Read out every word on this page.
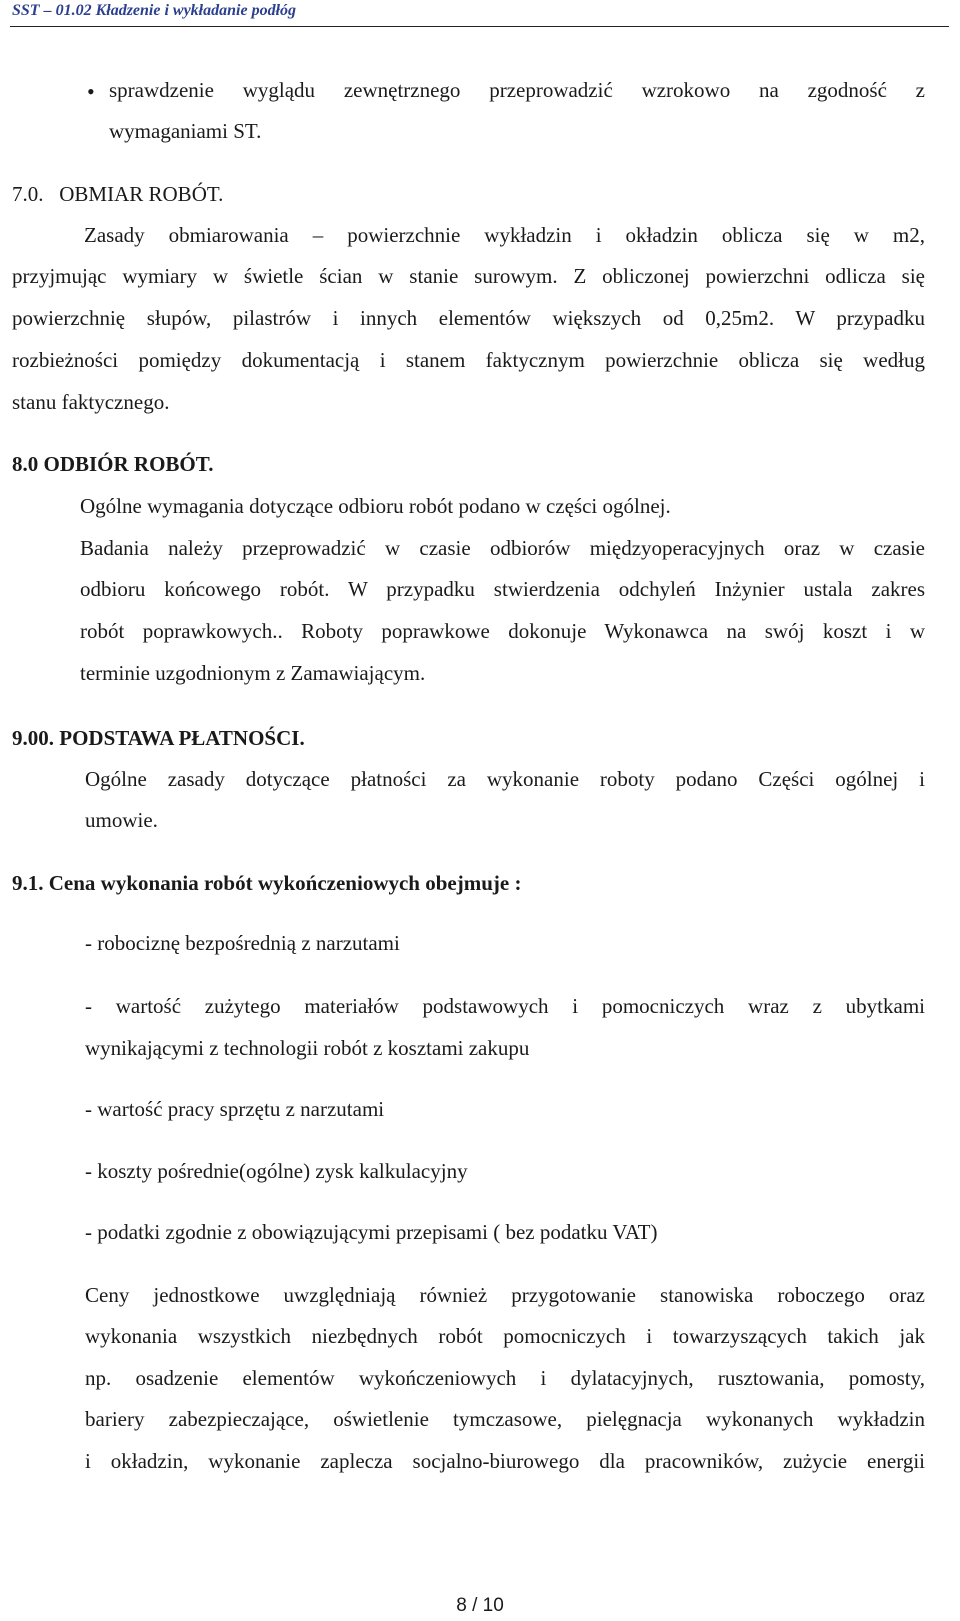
SST – 01.02 Kładzenie i wykładanie podłóg
• sprawdzenie wyglądu zewnętrznego przeprowadzić wzrokowo na zgodność z
wymaganiami ST.
7.0.   OBMIAR ROBÓT.
Zasady obmiarowania – powierzchnie wykładzin i okładzin oblicza się w m2,
przyjmując wymiary w świetle ścian w stanie surowym. Z obliczonej powierzchni odlicza się
powierzchnię słupów, pilastrów i innych elementów większych od 0,25m2. W przypadku
rozbieżności pomiędzy dokumentacją i stanem faktycznym powierzchnie oblicza się według
stanu faktycznego.
8.0 ODBIÓR ROBÓT.
Ogólne wymagania dotyczące odbioru robót podano w części ogólnej.
Badania należy przeprowadzić w czasie odbiorów międzyoperacyjnych oraz w czasie
odbioru końcowego robót. W przypadku stwierdzenia odchyleń Inżynier ustala zakres
robót poprawkowych.. Roboty poprawkowe dokonuje Wykonawca na swój koszt i w
terminie uzgodnionym z Zamawiającym.
9.00. PODSTAWA PŁATNOŚCI.
Ogólne zasady dotyczące płatności za wykonanie roboty podano Części ogólnej i
umowie.
9.1. Cena wykonania robót wykończeniowych obejmuje :
- robociznę bezpośrednią z narzutami
- wartość zużytego materiałów podstawowych i pomocniczych wraz z ubytkami
wynikającymi z technologii robót z kosztami zakupu
- wartość pracy sprzętu z narzutami
- koszty pośrednie(ogólne) zysk kalkulacyjny
- podatki zgodnie z obowiązującymi przepisami ( bez podatku VAT)
Ceny jednostkowe uwzględniają również przygotowanie stanowiska roboczego oraz
wykonania wszystkich niezbędnych robót pomocniczych i towarzyszących takich jak
np. osadzenie elementów wykończeniowych i dylatacyjnych, rusztowania, pomosty,
bariery zabezpieczające, oświetlenie tymczasowe, pielęgnacja wykonanych wykładzin
i okładzin, wykonanie zaplecza socjalno-biurowego dla pracowników, zużycie energii
8 / 10
